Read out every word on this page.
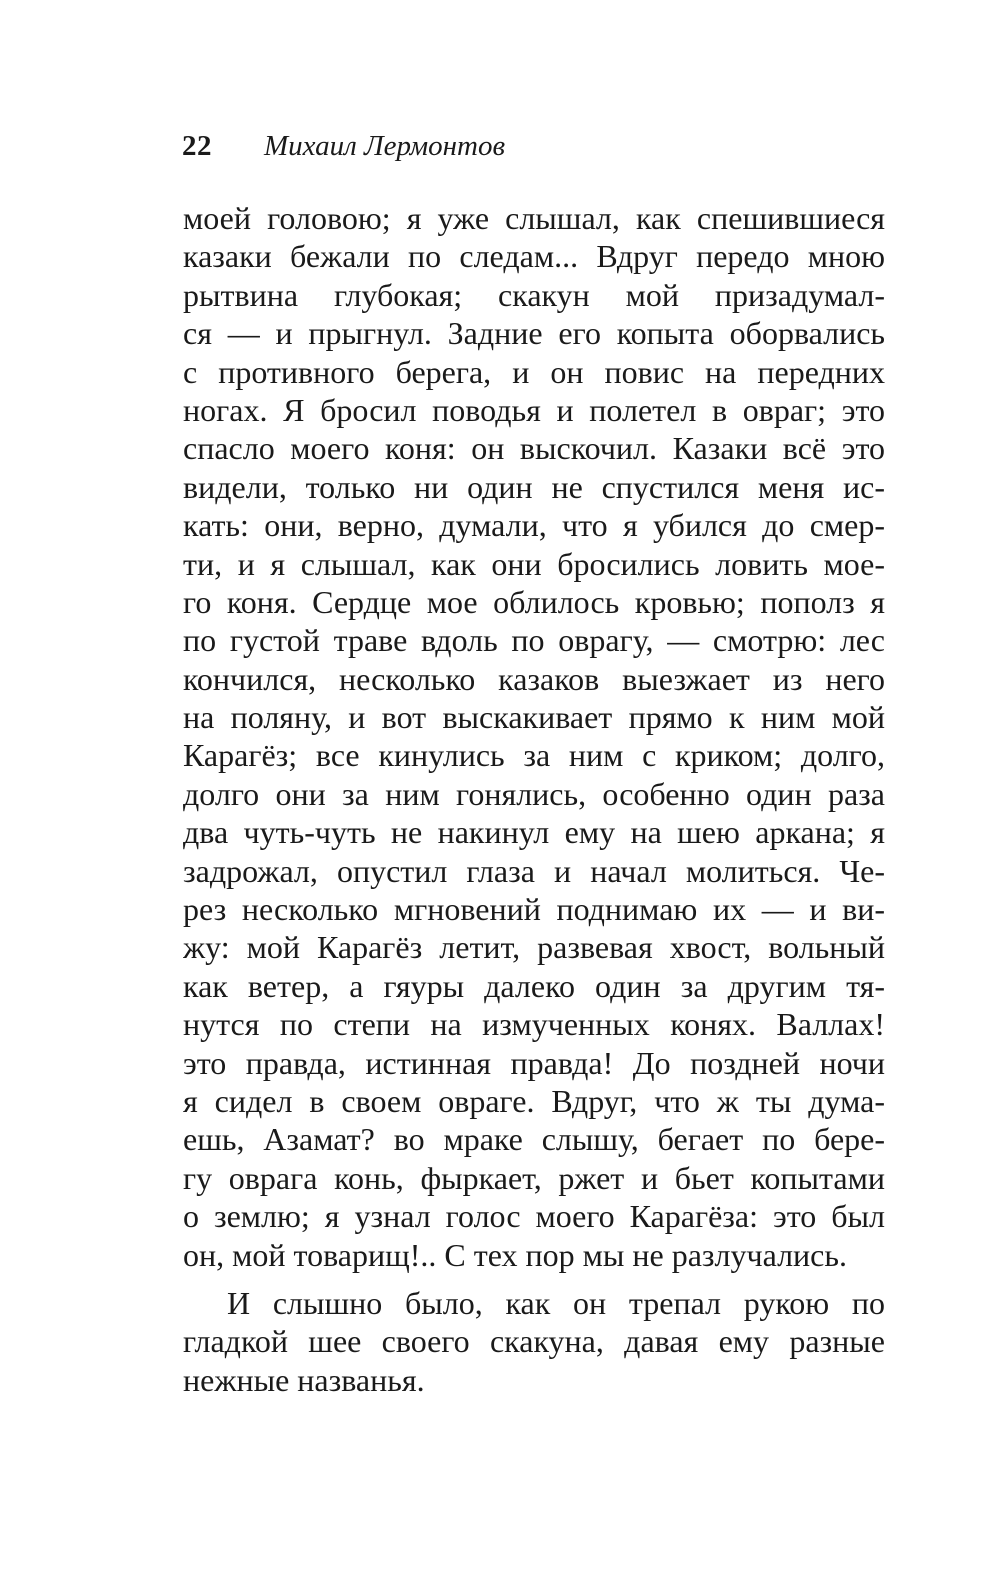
22 Михаил Лермонтов
моей головою; я уже слышал, как спешившиеся
казаки бежали по следам... Вдруг передо мною
рытвина глубокая; скакун мой призадумал-
ся — и прыгнул. Задние его копыта оборвались
с противного берега, и он повис на передних
ногах. Я бросил поводья и полетел в овраг; это
спасло моего коня: он выскочил. Казаки всё это
видели, только ни один не спустился меня ис-
кать: они, верно, думали, что я убился до смер-
ти, и я слышал, как они бросились ловить мое-
го коня. Сердце мое облилось кровью; пополз я
по густой траве вдоль по оврагу, — смотрю: лес
кончился, несколько казаков выезжает из него
на поляну, и вот выскакивает прямо к ним мой
Карагёз; все кинулись за ним с криком; долго,
долго они за ним гонялись, особенно один раза
два чуть-чуть не накинул ему на шею аркана; я
задрожал, опустил глаза и начал молиться. Че-
рез несколько мгновений поднимаю их — и ви-
жу: мой Карагёз летит, развевая хвост, вольный
как ветер, а гяуры далеко один за другим тя-
нутся по степи на измученных конях. Валлах!
это правда, истинная правда! До поздней ночи
я сидел в своем овраге. Вдруг, что ж ты дума-
ешь, Азамат? во мраке слышу, бегает по бере-
гу оврага конь, фыркает, ржет и бьет копытами
о землю; я узнал голос моего Карагёза: это был
он, мой товарищ!.. С тех пор мы не разлучались.
И слышно было, как он трепал рукою по
гладкой шее своего скакуна, давая ему разные
нежные названья.
